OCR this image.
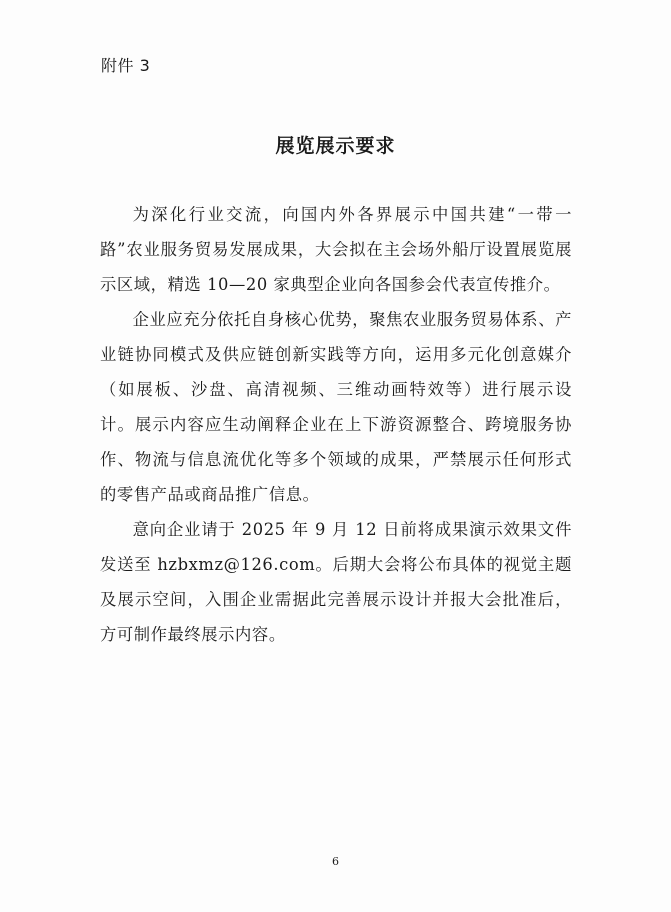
附件 3
展览展示要求

为深化行业交流，向国内外各界展示中国共建“一带一路”农业服务贸易发展成果，大会拟在主会场外船厅设置展览展示区域，精选 10—20 家典型企业向各国参会代表宣传推介。

企业应充分依托自身核心优势，聚焦农业服务贸易体系、产业链协同模式及供应链创新实践等方向，运用多元化创意媒介（如展板、沙盘、高清视频、三维动画特效等）进行展示设计。展示内容应生动阐释企业在上下游资源整合、跨境服务协作、物流与信息流优化等多个领域的成果，严禁展示任何形式的零售产品或商品推广信息。

意向企业请于 2025 年 9 月 12 日前将成果演示效果文件发送至 hzbxmz@126.com。后期大会将公布具体的视觉主题及展示空间，入围企业需据此完善展示设计并报大会批准后，方可制作最终展示内容。

6
